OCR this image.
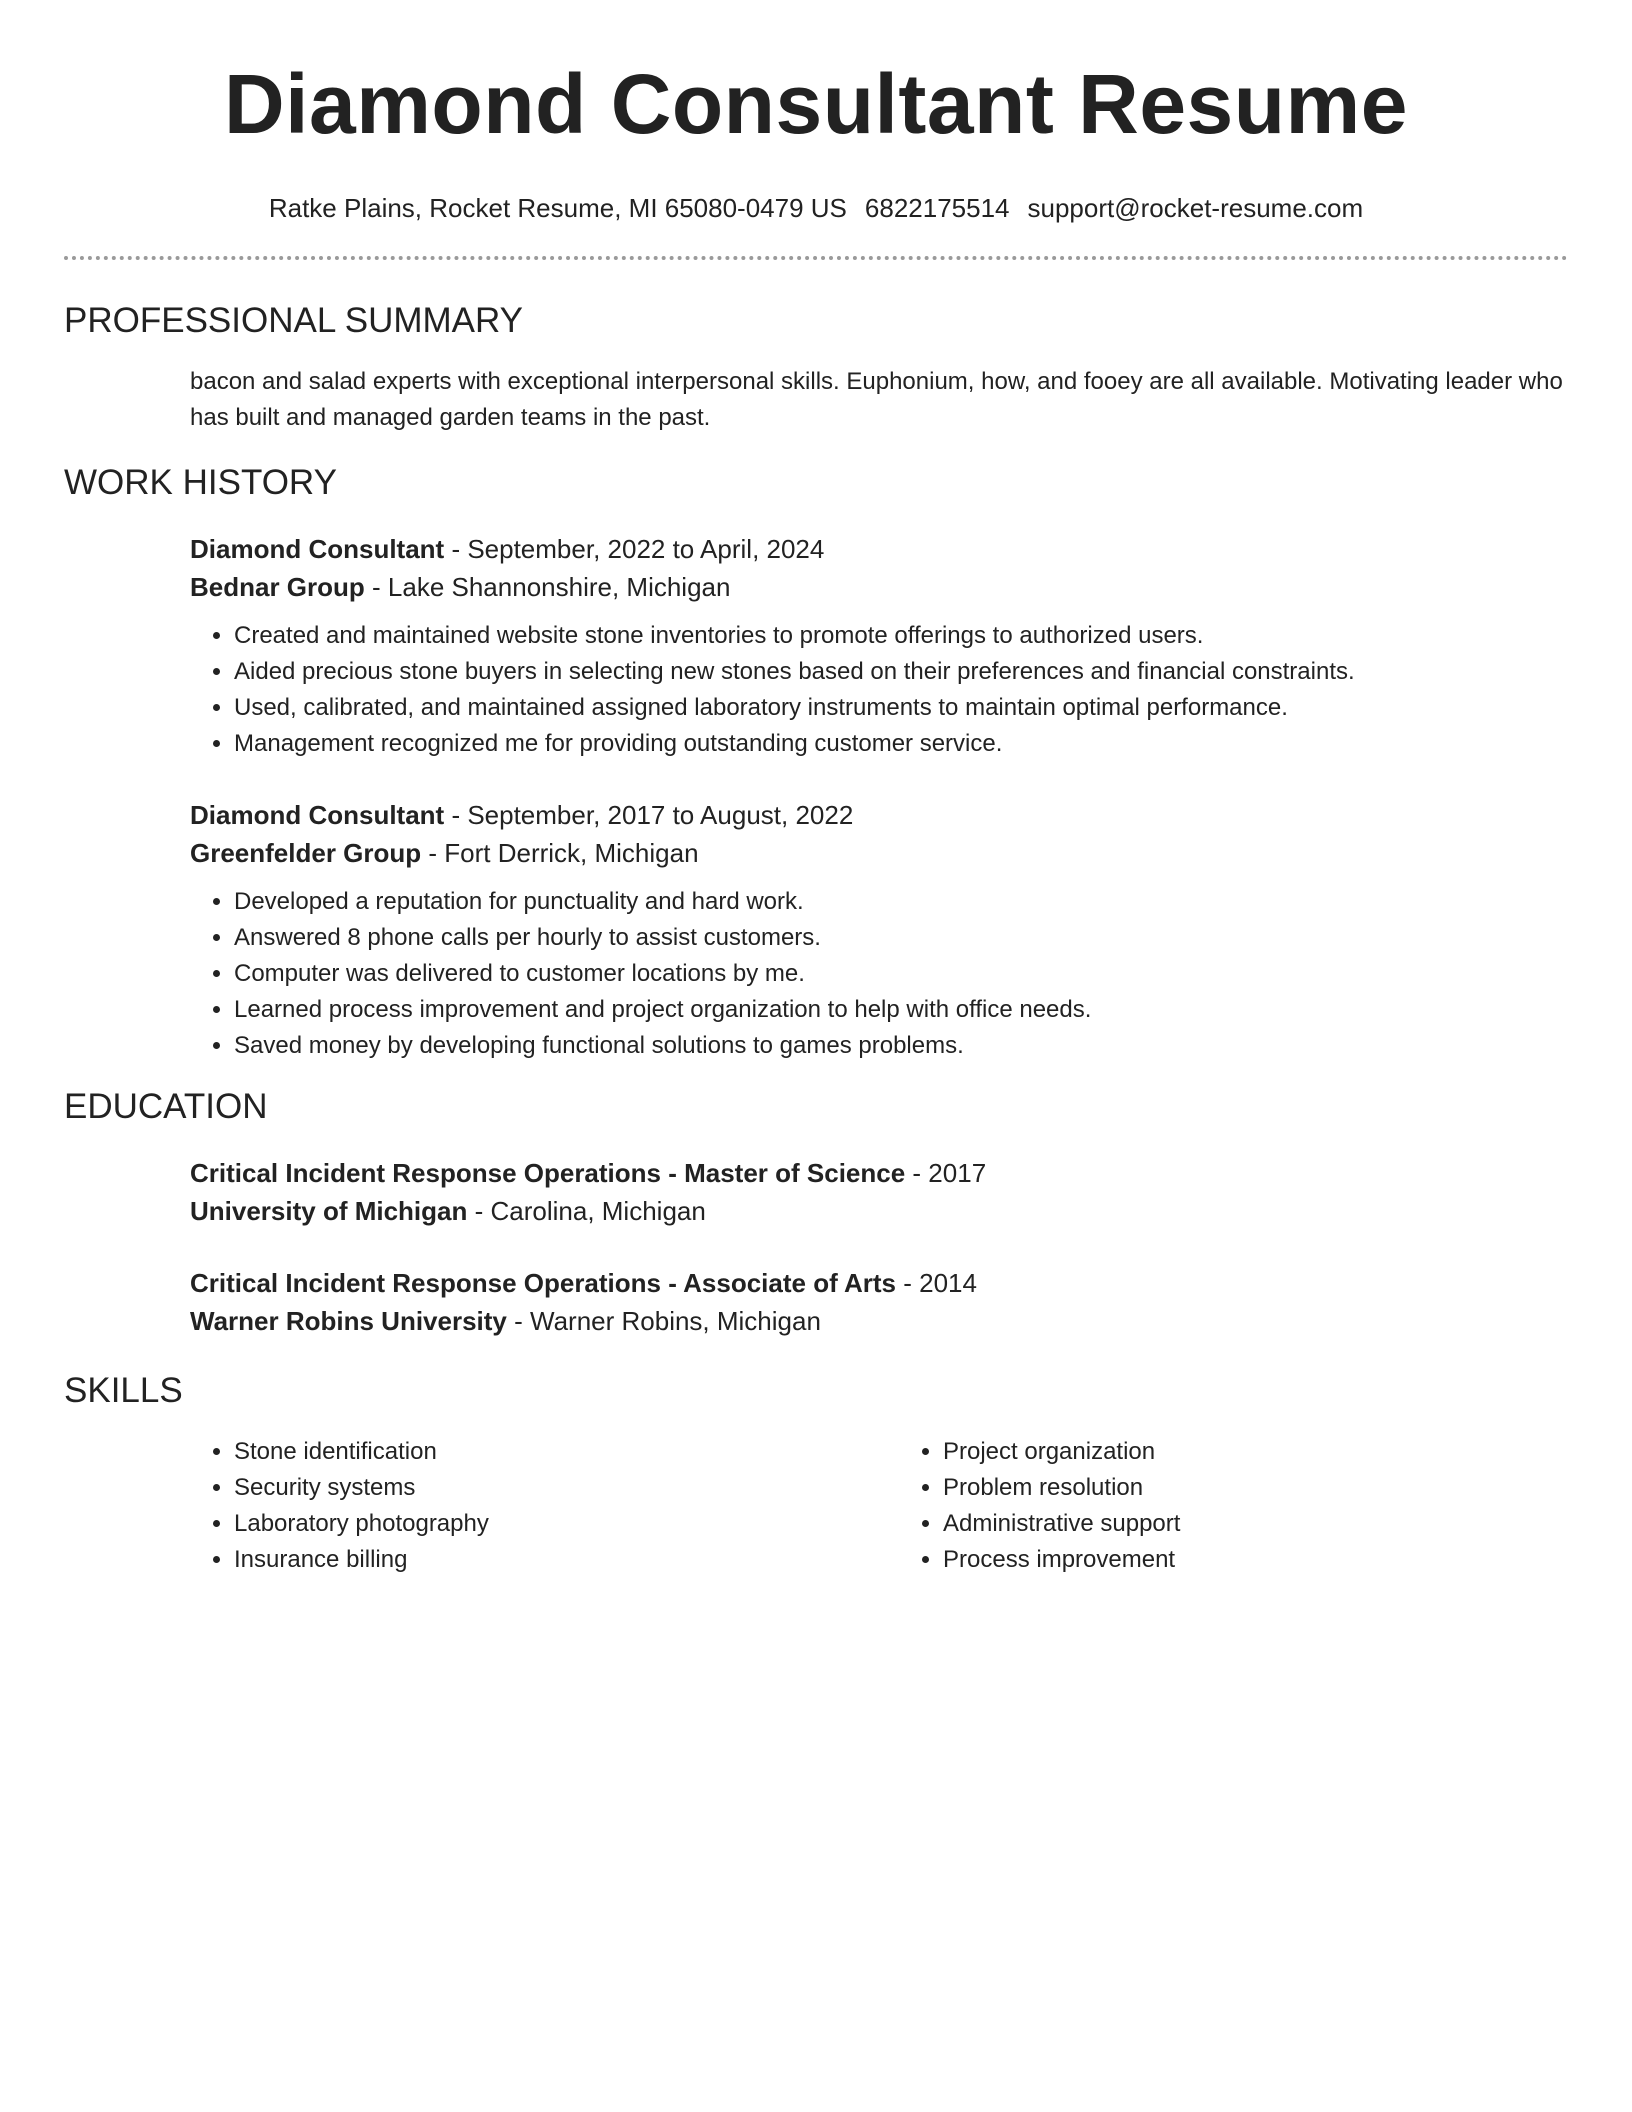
Diamond Consultant Resume
Ratke Plains, Rocket Resume, MI 65080-0479 US 6822175514 support@rocket-resume.com
PROFESSIONAL SUMMARY

bacon and salad experts with exceptional interpersonal skills. Euphonium, how, and fooey are all available. Motivating leader who has built and managed garden teams in the past.

WORK HISTORY
Diamond Consultant - September, 2022 to April, 2024
Bednar Group - Lake Shannonshire, Michigan
• Created and maintained website stone inventories to promote offerings to authorized users.
• Aided precious stone buyers in selecting new stones based on their preferences and financial constraints.
• Used, calibrated, and maintained assigned laboratory instruments to maintain optimal performance.
• Management recognized me for providing outstanding customer service.
Diamond Consultant - September, 2017 to August, 2022
Greenfelder Group - Fort Derrick, Michigan
• Developed a reputation for punctuality and hard work.
• Answered 8 phone calls per hourly to assist customers.
• Computer was delivered to customer locations by me.
• Learned process improvement and project organization to help with office needs.
• Saved money by developing functional solutions to games problems.
EDUCATION
Critical Incident Response Operations - Master of Science - 2017
University of Michigan - Carolina, Michigan
Critical Incident Response Operations - Associate of Arts - 2014
Warner Robins University - Warner Robins, Michigan
SKILLS
• Stone identification
• Security systems
• Laboratory photography
• Insurance billing
• Project organization
• Problem resolution
• Administrative support
• Process improvement
